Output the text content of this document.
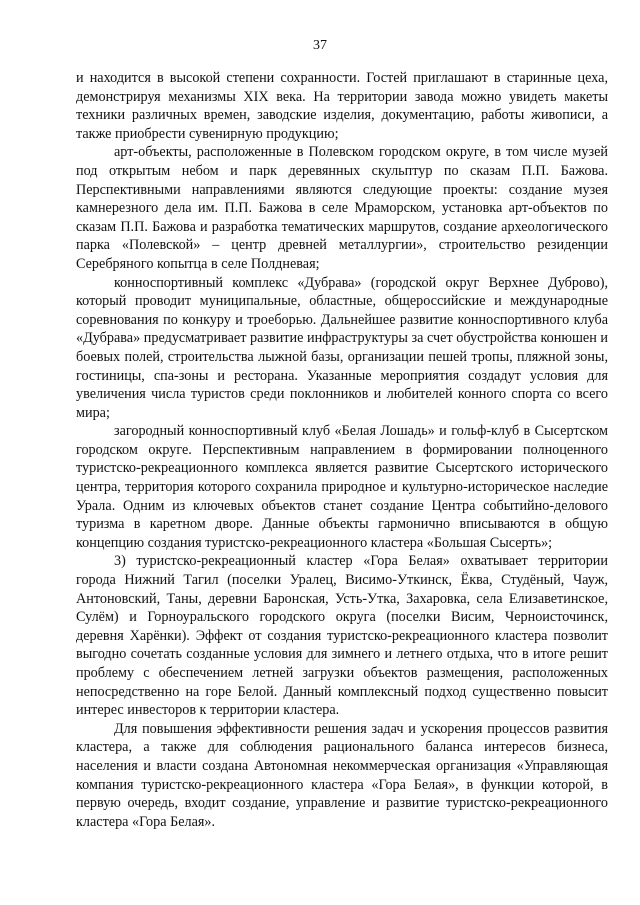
37

и находится в высокой степени сохранности. Гостей приглашают в старинные цеха, демонстрируя механизмы XIX века. На территории завода можно увидеть макеты техники различных времен, заводские изделия, документацию, работы живописи, а также приобрести сувенирную продукцию;

арт-объекты, расположенные в Полевском городском округе, в том числе музей под открытым небом и парк деревянных скульптур по сказам П.П. Бажова. Перспективными направлениями являются следующие проекты: создание музея камнерезного дела им. П.П. Бажова в селе Мраморском, установка арт-объектов по сказам П.П. Бажова и разработка тематических маршрутов, создание археологического парка «Полевской» – центр древней металлургии», строительство резиденции Серебряного копытца в селе Полдневая;

конноспортивный комплекс «Дубрава» (городской округ Верхнее Дуброво), который проводит муниципальные, областные, общероссийские и международные соревнования по конкуру и троеборью. Дальнейшее развитие конноспортивного клуба «Дубрава» предусматривает развитие инфраструктуры за счет обустройства конюшен и боевых полей, строительства лыжной базы, организации пешей тропы, пляжной зоны, гостиницы, спа-зоны и ресторана. Указанные мероприятия создадут условия для увеличения числа туристов среди поклонников и любителей конного спорта со всего мира;

загородный конноспортивный клуб «Белая Лошадь» и гольф-клуб в Сысертском городском округе. Перспективным направлением в формировании полноценного туристско-рекреационного комплекса является развитие Сысертского исторического центра, территория которого сохранила природное и культурно-историческое наследие Урала. Одним из ключевых объектов станет создание Центра событийно-делового туризма в каретном дворе. Данные объекты гармонично вписываются в общую концепцию создания туристско-рекреационного кластера «Большая Сысерть»;

3) туристско-рекреационный кластер «Гора Белая» охватывает территории города Нижний Тагил (поселки Уралец, Висимо-Уткинск, Ёква, Студёный, Чауж, Антоновский, Таны, деревни Баронская, Усть-Утка, Захаровка, села Елизаветинское, Сулём) и Горноуральского городского округа (поселки Висим, Черноисточинск, деревня Харёнки). Эффект от создания туристско-рекреационного кластера позволит выгодно сочетать созданные условия для зимнего и летнего отдыха, что в итоге решит проблему с обеспечением летней загрузки объектов размещения, расположенных непосредственно на горе Белой. Данный комплексный подход существенно повысит интерес инвесторов к территории кластера.

Для повышения эффективности решения задач и ускорения процессов развития кластера, а также для соблюдения рационального баланса интересов бизнеса, населения и власти создана Автономная некоммерческая организация «Управляющая компания туристско-рекреационного кластера «Гора Белая», в функции которой, в первую очередь, входит создание, управление и развитие туристско-рекреационного кластера «Гора Белая».
